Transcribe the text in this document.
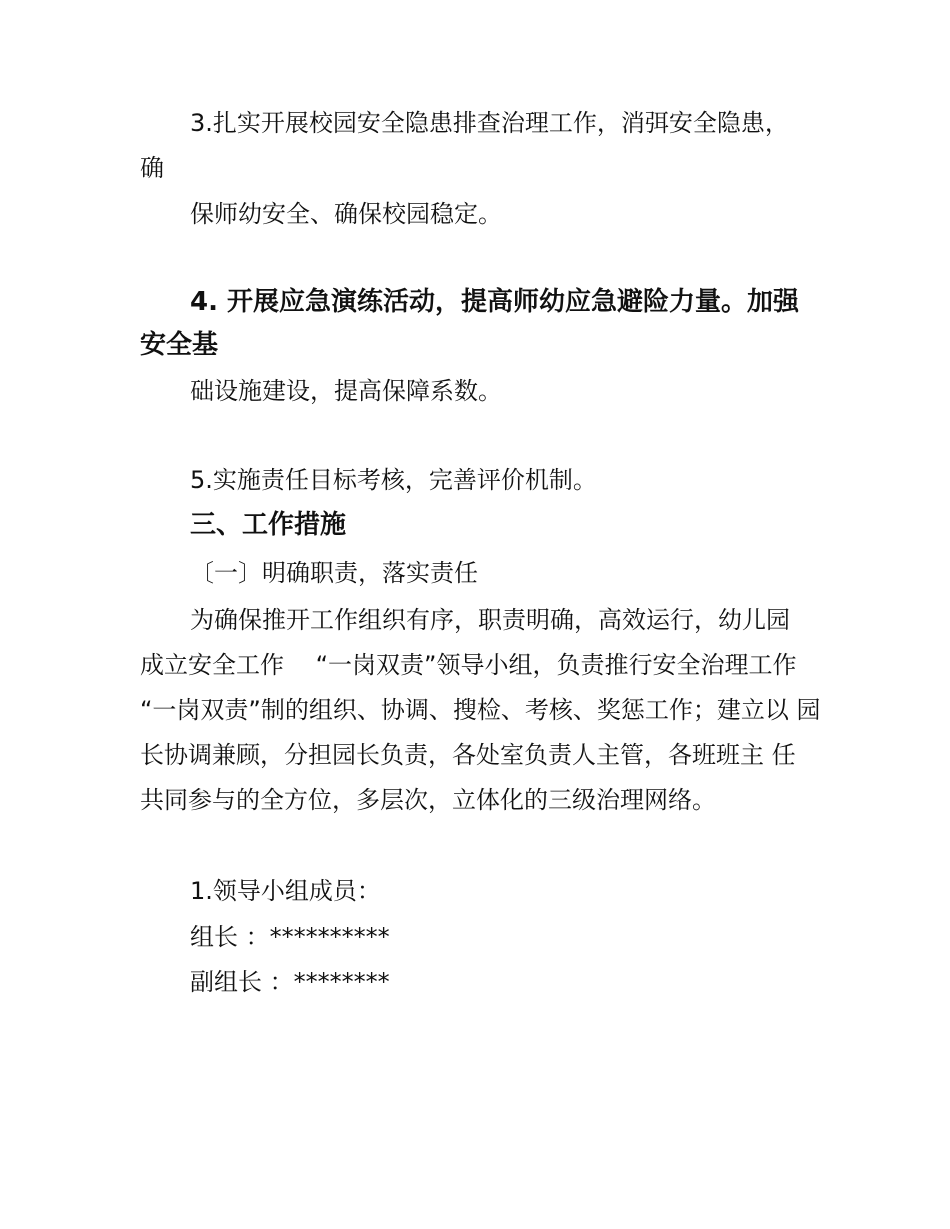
3.扎实开展校园安全隐患排查治理工作，消弭安全隐患，
确
保师幼安全、确保校园稳定。
4. 开展应急演练活动，提高师幼应急避险力量。加强
安全基
础设施建设，提高保障系数。
5.实施责任目标考核，完善评价机制。
三、工作措施
〔一〕明确职责，落实责任
为确保推开工作组织有序，职责明确，高效运行，幼儿园
成立安全工作　 “一岗双责”领导小组，负责推行安全治理工作
“一岗双责”制的组织、协调、搜检、考核、奖惩工作；建立以 园
长协调兼顾，分担园长负责，各处室负责人主管，各班班主 任
共同参与的全方位，多层次，立体化的三级治理网络。
1.领导小组成员：
组长 ：**********
副组长 ：********
